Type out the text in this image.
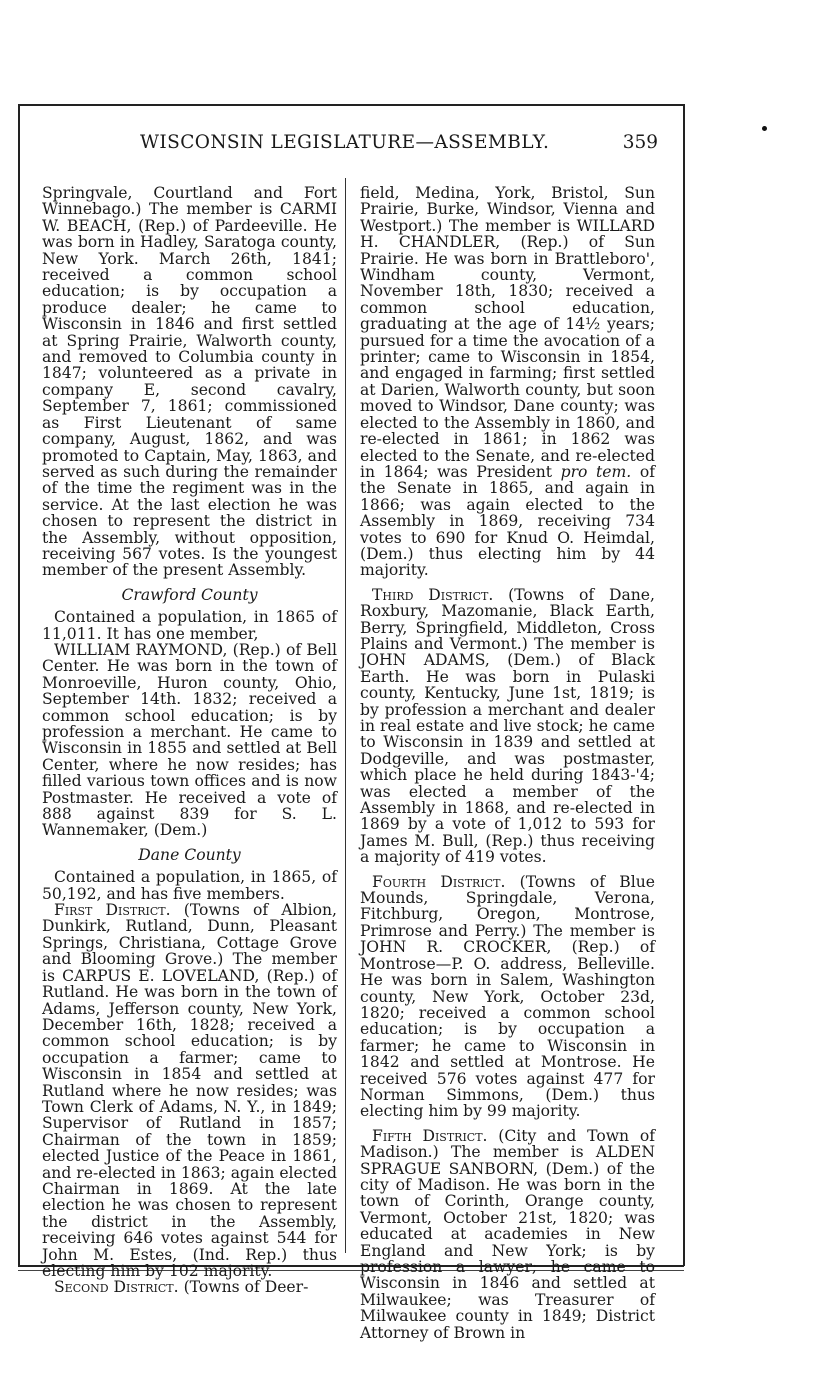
WISCONSIN LEGISLATURE—ASSEMBLY.	359

Springvale, Courtland and Fort Winnebago.) The member is CARMI W. BEACH, (Rep.) of Pardeeville. He was born in Hadley, Saratoga county, New York. March 26th, 1841; received a common school education; is by occupation a produce dealer; he came to Wisconsin in 1846 and first settled at Spring Prairie, Walworth county, and removed to Columbia county in 1847; volunteered as a private in company E, second cavalry, September 7, 1861; commissioned as First Lieutenant of same company, August, 1862, and was promoted to Captain, May, 1863, and served as such during the remainder of the time the regiment was in the service. At the last election he was chosen to represent the district in the Assembly, without opposition, receiving 567 votes. Is the youngest member of the present Assembly.

Crawford County

Contained a population, in 1865 of 11,011. It has one member,

WILLIAM RAYMOND, (Rep.) of Bell Center. He was born in the town of Monroeville, Huron county, Ohio, September 14th. 1832; received a common school education; is by profession a merchant. He came to Wisconsin in 1855 and settled at Bell Center, where he now resides; has filled various town offices and is now Postmaster. He received a vote of 888 against 839 for S. L. Wannemaker, (Dem.)

Dane County

Contained a population, in 1865, of 50,192, and has five members.

First District. (Towns of Albion, Dunkirk, Rutland, Dunn, Pleasant Springs, Christiana, Cottage Grove and Blooming Grove.) The member is CARPUS E. LOVELAND, (Rep.) of Rutland. He was born in the town of Adams, Jefferson county, New York, December 16th, 1828; received a common school education; is by occupation a farmer; came to Wisconsin in 1854 and settled at Rutland where he now resides; was Town Clerk of Adams, N. Y., in 1849; Supervisor of Rutland in 1857; Chairman of the town in 1859; elected Justice of the Peace in 1861, and re-elected in 1863; again elected Chairman in 1869. At the late election he was chosen to represent the district in the Assembly, receiving 646 votes against 544 for John M. Estes, (Ind. Rep.) thus electing him by 102 majority.

Second District. (Towns of Deer-

field, Medina, York, Bristol, Sun Prairie, Burke, Windsor, Vienna and Westport.) The member is WILLARD H. CHANDLER, (Rep.) of Sun Prairie. He was born in Brattleboro', Windham county, Vermont, November 18th, 1830; received a common school education, graduating at the age of 14½ years; pursued for a time the avocation of a printer; came to Wisconsin in 1854, and engaged in farming; first settled at Darien, Walworth county, but soon moved to Windsor, Dane county; was elected to the Assembly in 1860, and re-elected in 1861; in 1862 was elected to the Senate, and re-elected in 1864; was President pro tem. of the Senate in 1865, and again in 1866; was again elected to the Assembly in 1869, receiving 734 votes to 690 for Knud O. Heimdal, (Dem.) thus electing him by 44 majority.

Third District. (Towns of Dane, Roxbury, Mazomanie, Black Earth, Berry, Springfield, Middleton, Cross Plains and Vermont.) The member is JOHN ADAMS, (Dem.) of Black Earth. He was born in Pulaski county, Kentucky, June 1st, 1819; is by profession a merchant and dealer in real estate and live stock; he came to Wisconsin in 1839 and settled at Dodgeville, and was postmaster, which place he held during 1843-'4; was elected a member of the Assembly in 1868, and re-elected in 1869 by a vote of 1,012 to 593 for James M. Bull, (Rep.) thus receiving a majority of 419 votes.

Fourth District. (Towns of Blue Mounds, Springdale, Verona, Fitchburg, Oregon, Montrose, Primrose and Perry.) The member is JOHN R. CROCKER, (Rep.) of Montrose—P. O. address, Belleville. He was born in Salem, Washington county, New York, October 23d, 1820; received a common school education; is by occupation a farmer; he came to Wisconsin in 1842 and settled at Montrose. He received 576 votes against 477 for Norman Simmons, (Dem.) thus electing him by 99 majority.

Fifth District. (City and Town of Madison.) The member is ALDEN SPRAGUE SANBORN, (Dem.) of the city of Madison. He was born in the town of Corinth, Orange county, Vermont, October 21st, 1820; was educated at academies in New England and New York; is by profession a lawyer; he came to Wisconsin in 1846 and settled at Milwaukee; was Treasurer of Milwaukee county in 1849; District Attorney of Brown in
